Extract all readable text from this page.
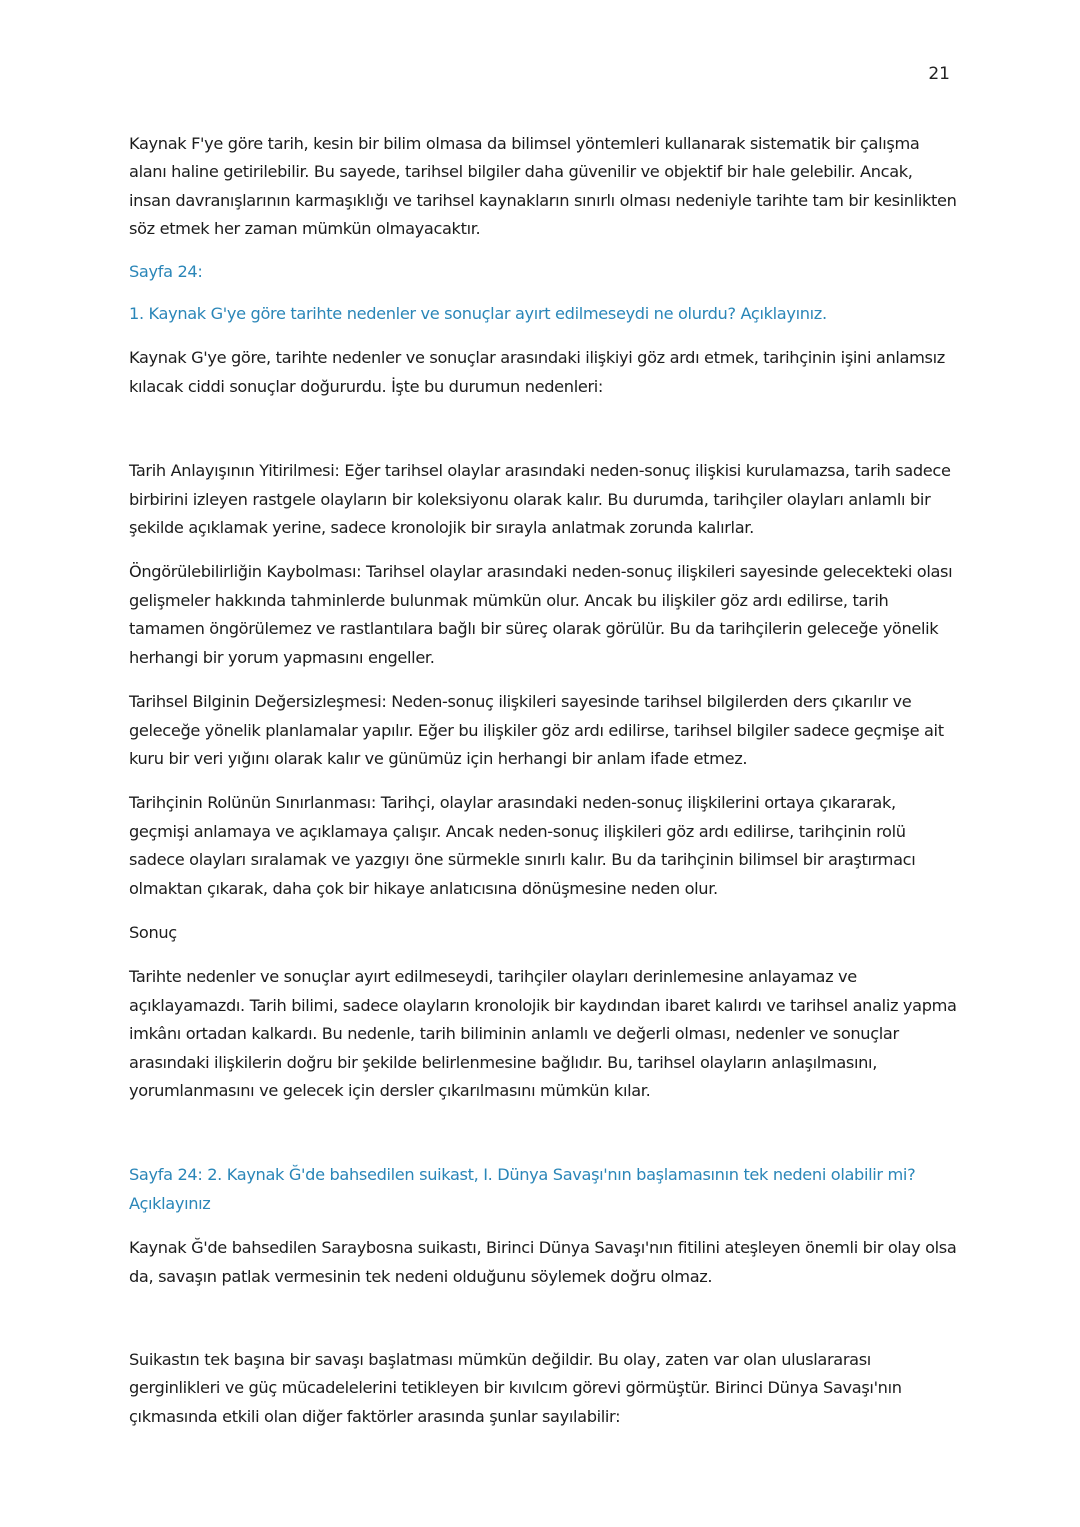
21

Kaynak F'ye göre tarih, kesin bir bilim olmasa da bilimsel yöntemleri kullanarak sistematik bir çalışma alanı haline getirilebilir. Bu sayede, tarihsel bilgiler daha güvenilir ve objektif bir hale gelebilir. Ancak, insan davranışlarının karmaşıklığı ve tarihsel kaynakların sınırlı olması nedeniyle tarihte tam bir kesinlikten söz etmek her zaman mümkün olmayacaktır.

Sayfa 24:

1. Kaynak G'ye göre tarihte nedenler ve sonuçlar ayırt edilmeseydi ne olurdu? Açıklayınız.

Kaynak G'ye göre, tarihte nedenler ve sonuçlar arasındaki ilişkiyi göz ardı etmek, tarihçinin işini anlamsız kılacak ciddi sonuçlar doğururdu. İşte bu durumun nedenleri:

Tarih Anlayışının Yitirilmesi: Eğer tarihsel olaylar arasındaki neden-sonuç ilişkisi kurulamazsa, tarih sadece birbirini izleyen rastgele olayların bir koleksiyonu olarak kalır. Bu durumda, tarihçiler olayları anlamlı bir şekilde açıklamak yerine, sadece kronolojik bir sırayla anlatmak zorunda kalırlar.

Öngörülebilirliğin Kaybolması: Tarihsel olaylar arasındaki neden-sonuç ilişkileri sayesinde gelecekteki olası gelişmeler hakkında tahminlerde bulunmak mümkün olur. Ancak bu ilişkiler göz ardı edilirse, tarih tamamen öngörülemez ve rastlantılara bağlı bir süreç olarak görülür. Bu da tarihçilerin geleceğe yönelik herhangi bir yorum yapmasını engeller.

Tarihsel Bilginin Değersizleşmesi: Neden-sonuç ilişkileri sayesinde tarihsel bilgilerden ders çıkarılır ve geleceğe yönelik planlamalar yapılır. Eğer bu ilişkiler göz ardı edilirse, tarihsel bilgiler sadece geçmişe ait kuru bir veri yığını olarak kalır ve günümüz için herhangi bir anlam ifade etmez.

Tarihçinin Rolünün Sınırlanması: Tarihçi, olaylar arasındaki neden-sonuç ilişkilerini ortaya çıkararak, geçmişi anlamaya ve açıklamaya çalışır. Ancak neden-sonuç ilişkileri göz ardı edilirse, tarihçinin rolü sadece olayları sıralamak ve yazgıyı öne sürmekle sınırlı kalır. Bu da tarihçinin bilimsel bir araştırmacı olmaktan çıkarak, daha çok bir hikaye anlatıcısına dönüşmesine neden olur.

Sonuç

Tarihte nedenler ve sonuçlar ayırt edilmeseydi, tarihçiler olayları derinlemesine anlayamaz ve açıklayamazdı. Tarih bilimi, sadece olayların kronolojik bir kaydından ibaret kalırdı ve tarihsel analiz yapma imkânı ortadan kalkardı. Bu nedenle, tarih biliminin anlamlı ve değerli olması, nedenler ve sonuçlar arasındaki ilişkilerin doğru bir şekilde belirlenmesine bağlıdır. Bu, tarihsel olayların anlaşılmasını, yorumlanmasını ve gelecek için dersler çıkarılmasını mümkün kılar.

Sayfa 24: 2. Kaynak Ğ'de bahsedilen suikast, I. Dünya Savaşı'nın başlamasının tek nedeni olabilir mi? Açıklayınız

Kaynak Ğ'de bahsedilen Saraybosna suikastı, Birinci Dünya Savaşı'nın fitilini ateşleyen önemli bir olay olsa da, savaşın patlak vermesinin tek nedeni olduğunu söylemek doğru olmaz.

Suikastın tek başına bir savaşı başlatması mümkün değildir. Bu olay, zaten var olan uluslararası gerginlikleri ve güç mücadelelerini tetikleyen bir kıvılcım görevi görmüştür. Birinci Dünya Savaşı'nın çıkmasında etkili olan diğer faktörler arasında şunlar sayılabilir:
